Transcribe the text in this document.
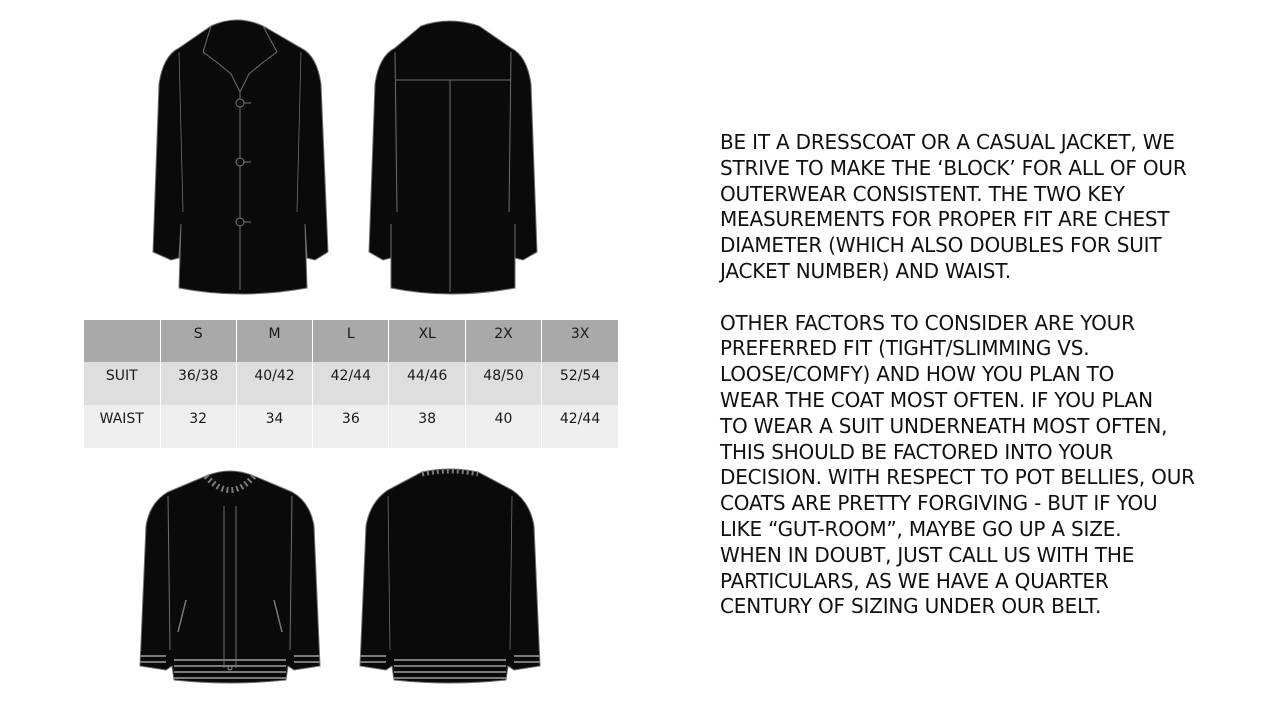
	S	M	L	XL	2X	3X
SUIT	36/38	40/42	42/44	44/46	48/50	52/54
WAIST	32	34	36	38	40	42/44

BE IT A DRESSCOAT OR A CASUAL JACKET, WE
STRIVE TO MAKE THE ‘BLOCK’ FOR ALL OF OUR
OUTERWEAR CONSISTENT. THE TWO KEY
MEASUREMENTS FOR PROPER FIT ARE CHEST
DIAMETER (WHICH ALSO DOUBLES FOR SUIT
JACKET NUMBER) AND WAIST.

OTHER FACTORS TO CONSIDER ARE YOUR
PREFERRED FIT (TIGHT/SLIMMING VS.
LOOSE/COMFY) AND HOW YOU PLAN TO
WEAR THE COAT MOST OFTEN. IF YOU PLAN
TO WEAR A SUIT UNDERNEATH MOST OFTEN,
THIS SHOULD BE FACTORED INTO YOUR
DECISION. WITH RESPECT TO POT BELLIES, OUR
COATS ARE PRETTY FORGIVING - BUT IF YOU
LIKE “GUT-ROOM”, MAYBE GO UP A SIZE.
WHEN IN DOUBT, JUST CALL US WITH THE
PARTICULARS, AS WE HAVE A QUARTER
CENTURY OF SIZING UNDER OUR BELT.
